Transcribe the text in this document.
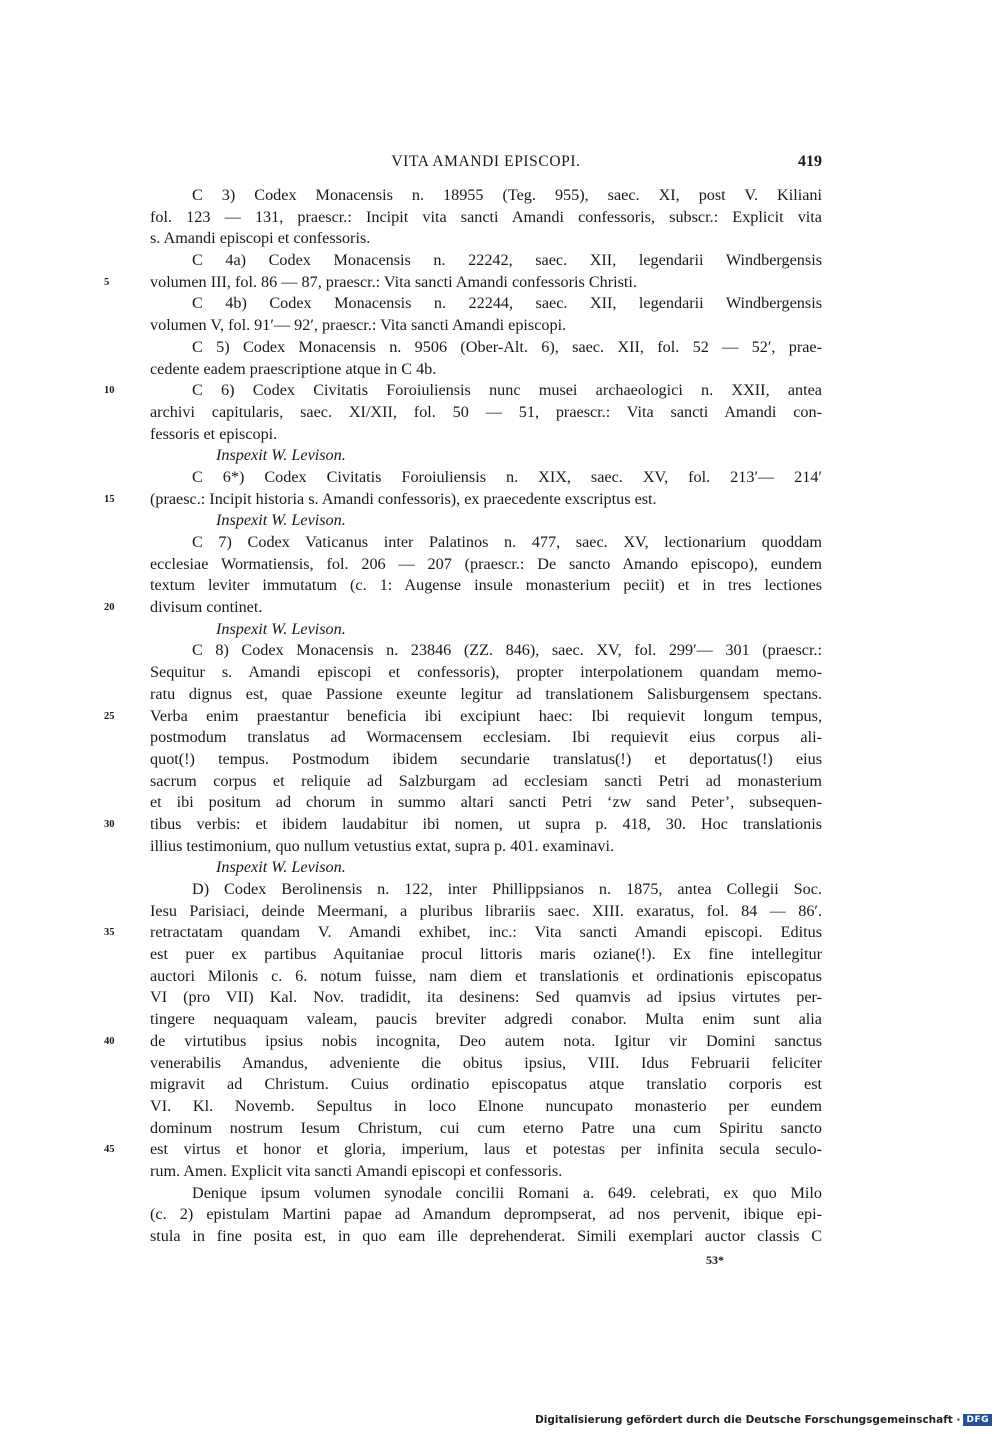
VITA AMANDI EPISCOPI.	419
C 3) Codex Monacensis n. 18955 (Teg. 955), saec. XI, post V. Kiliani
fol. 123 — 131, praescr.: Incipit vita sancti Amandi confessoris, subscr.: Explicit vita
s. Amandi episcopi et confessoris.
C 4a) Codex Monacensis n. 22242, saec. XII, legendarii Windbergensis
5	volumen III, fol. 86 — 87, praescr.: Vita sancti Amandi confessoris Christi.
C 4b) Codex Monacensis n. 22244, saec. XII, legendarii Windbergensis
volumen V, fol. 91′— 92′, praescr.: Vita sancti Amandi episcopi.
C 5) Codex Monacensis n. 9506 (Ober-Alt. 6), saec. XII, fol. 52 — 52′, prae-
cedente eadem praescriptione atque in C 4b.
10	C 6) Codex Civitatis Foroiuliensis nunc musei archaeologici n. XXII, antea
archivi capitularis, saec. XI/XII, fol. 50 — 51, praescr.: Vita sancti Amandi con-
fessoris et episcopi.
Inspexit W. Levison.
C 6*) Codex Civitatis Foroiuliensis n. XIX, saec. XV, fol. 213′— 214′
15	(praesc.: Incipit historia s. Amandi confessoris), ex praecedente exscriptus est.
Inspexit W. Levison.
C 7) Codex Vaticanus inter Palatinos n. 477, saec. XV, lectionarium quoddam
ecclesiae Wormatiensis, fol. 206 — 207 (praescr.: De sancto Amando episcopo), eundem
textum leviter immutatum (c. 1: Augense insule monasterium peciit) et in tres lectiones
20	divisum continet.
Inspexit W. Levison.
C 8) Codex Monacensis n. 23846 (ZZ. 846), saec. XV, fol. 299′— 301 (praescr.:
Sequitur s. Amandi episcopi et confessoris), propter interpolationem quandam memo-
ratu dignus est, quae Passione exeunte legitur ad translationem Salisburgensem spectans.
25	Verba enim praestantur beneficia ibi excipiunt haec: Ibi requievit longum tempus,
postmodum translatus ad Wormacensem ecclesiam. Ibi requievit eius corpus ali-
quot(!) tempus. Postmodum ibidem secundarie translatus(!) et deportatus(!) eius
sacrum corpus et reliquie ad Salzburgam ad ecclesiam sancti Petri ad monasterium
et ibi positum ad chorum in summo altari sancti Petri ‘zw sand Peter’, subsequen-
30	tibus verbis: et ibidem laudabitur ibi nomen, ut supra p. 418, 30. Hoc translationis
illius testimonium, quo nullum vetustius extat, supra p. 401. examinavi.
Inspexit W. Levison.
D) Codex Berolinensis n. 122, inter Phillippsianos n. 1875, antea Collegii Soc.
Iesu Parisiaci, deinde Meermani, a pluribus librariis saec. XIII. exaratus, fol. 84 — 86′.
35	retractatam quandam V. Amandi exhibet, inc.: Vita sancti Amandi episcopi. Editus
est puer ex partibus Aquitaniae procul littoris maris oziane(!). Ex fine intellegitur
auctori Milonis c. 6. notum fuisse, nam diem et translationis et ordinationis episcopatus
VI (pro VII) Kal. Nov. tradidit, ita desinens: Sed quamvis ad ipsius virtutes per-
tingere nequaquam valeam, paucis breviter adgredi conabor. Multa enim sunt alia
40	de virtutibus ipsius nobis incognita, Deo autem nota. Igitur vir Domini sanctus
venerabilis Amandus, adveniente die obitus ipsius, VIII. Idus Februarii feliciter
migravit ad Christum. Cuius ordinatio episcopatus atque translatio corporis est
VI. Kl. Novemb. Sepultus in loco Elnone nuncupato monasterio per eundem
dominum nostrum Iesum Christum, cui cum eterno Patre una cum Spiritu sancto
45	est virtus et honor et gloria, imperium, laus et potestas per infinita secula seculo-
rum. Amen. Explicit vita sancti Amandi episcopi et confessoris.
Denique ipsum volumen synodale concilii Romani a. 649. celebrati, ex quo Milo
(c. 2) epistulam Martini papae ad Amandum deprompserat, ad nos pervenit, ibique epi-
stula in fine posita est, in quo eam ille deprehenderat. Simili exemplari auctor classis C
53*
Digitalisierung gefördert durch die Deutsche Forschungsgemeinschaft · DFG
